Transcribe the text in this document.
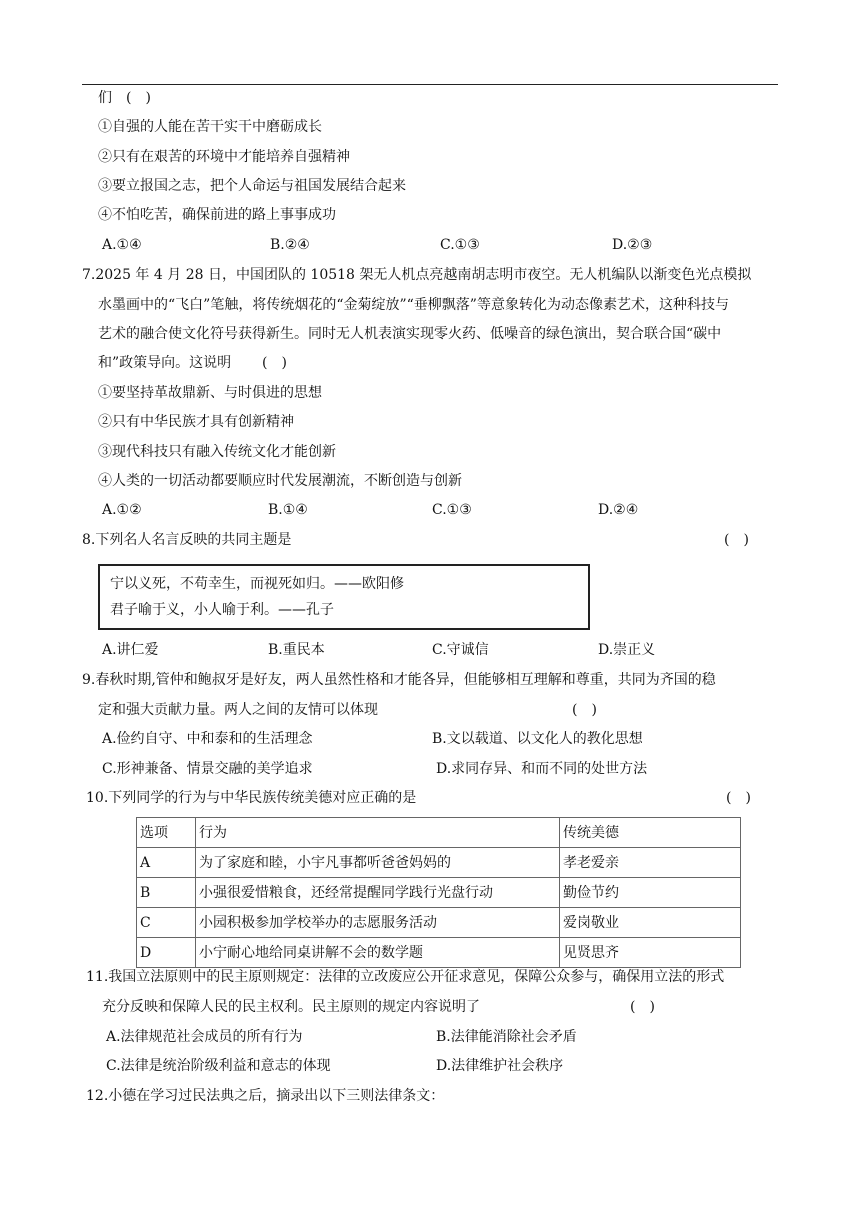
们　(　)
①自强的人能在苦干实干中磨砺成长
②只有在艰苦的环境中才能培养自强精神
③要立报国之志，把个人命运与祖国发展结合起来
④不怕吃苦，确保前进的路上事事成功
A.①④	B.②④	C.①③	D.②③
7.2025 年 4 月 28 日，中国团队的 10518 架无人机点亮越南胡志明市夜空。无人机编队以渐变色光点模拟
水墨画中的“飞白”笔触，将传统烟花的“金菊绽放”“垂柳飘落”等意象转化为动态像素艺术，这种科技与
艺术的融合使文化符号获得新生。同时无人机表演实现零火药、低噪音的绿色演出，契合联合国“碳中
和”政策导向。这说明 (　)
①要坚持革故鼎新、与时俱进的思想
②只有中华民族才具有创新精神
③现代科技只有融入传统文化才能创新
④人类的一切活动都要顺应时代发展潮流，不断创造与创新
A.①②	B.①④	C.①③	D.②④
8.下列名人名言反映的共同主题是	(　)
宁以义死，不苟幸生，而视死如归。——欧阳修
君子喻于义，小人喻于利。——孔子
A.讲仁爱	B.重民本	C.守诚信	D.崇正义
9.春秋时期,管仲和鲍叔牙是好友，两人虽然性格和才能各异，但能够相互理解和尊重，共同为齐国的稳
定和强大贡献力量。两人之间的友情可以体现	(　)
A.俭约自守、中和泰和的生活理念	B.文以载道、以文化人的教化思想
C.形神兼备、情景交融的美学追求	D.求同存异、和而不同的处世方法
10.下列同学的行为与中华民族传统美德对应正确的是	(　)
选项	行为	传统美德
A	为了家庭和睦，小宇凡事都听爸爸妈妈的	孝老爱亲
B	小强很爱惜粮食，还经常提醒同学践行光盘行动	勤俭节约
C	小园积极参加学校举办的志愿服务活动	爱岗敬业
D	小宁耐心地给同桌讲解不会的数学题	见贤思齐
11.我国立法原则中的民主原则规定：法律的立改废应公开征求意见，保障公众参与，确保用立法的形式
充分反映和保障人民的民主权利。民主原则的规定内容说明了	(　)
A.法律规范社会成员的所有行为	B.法律能消除社会矛盾
C.法律是统治阶级利益和意志的体现	D.法律维护社会秩序
12.小德在学习过民法典之后，摘录出以下三则法律条文：
